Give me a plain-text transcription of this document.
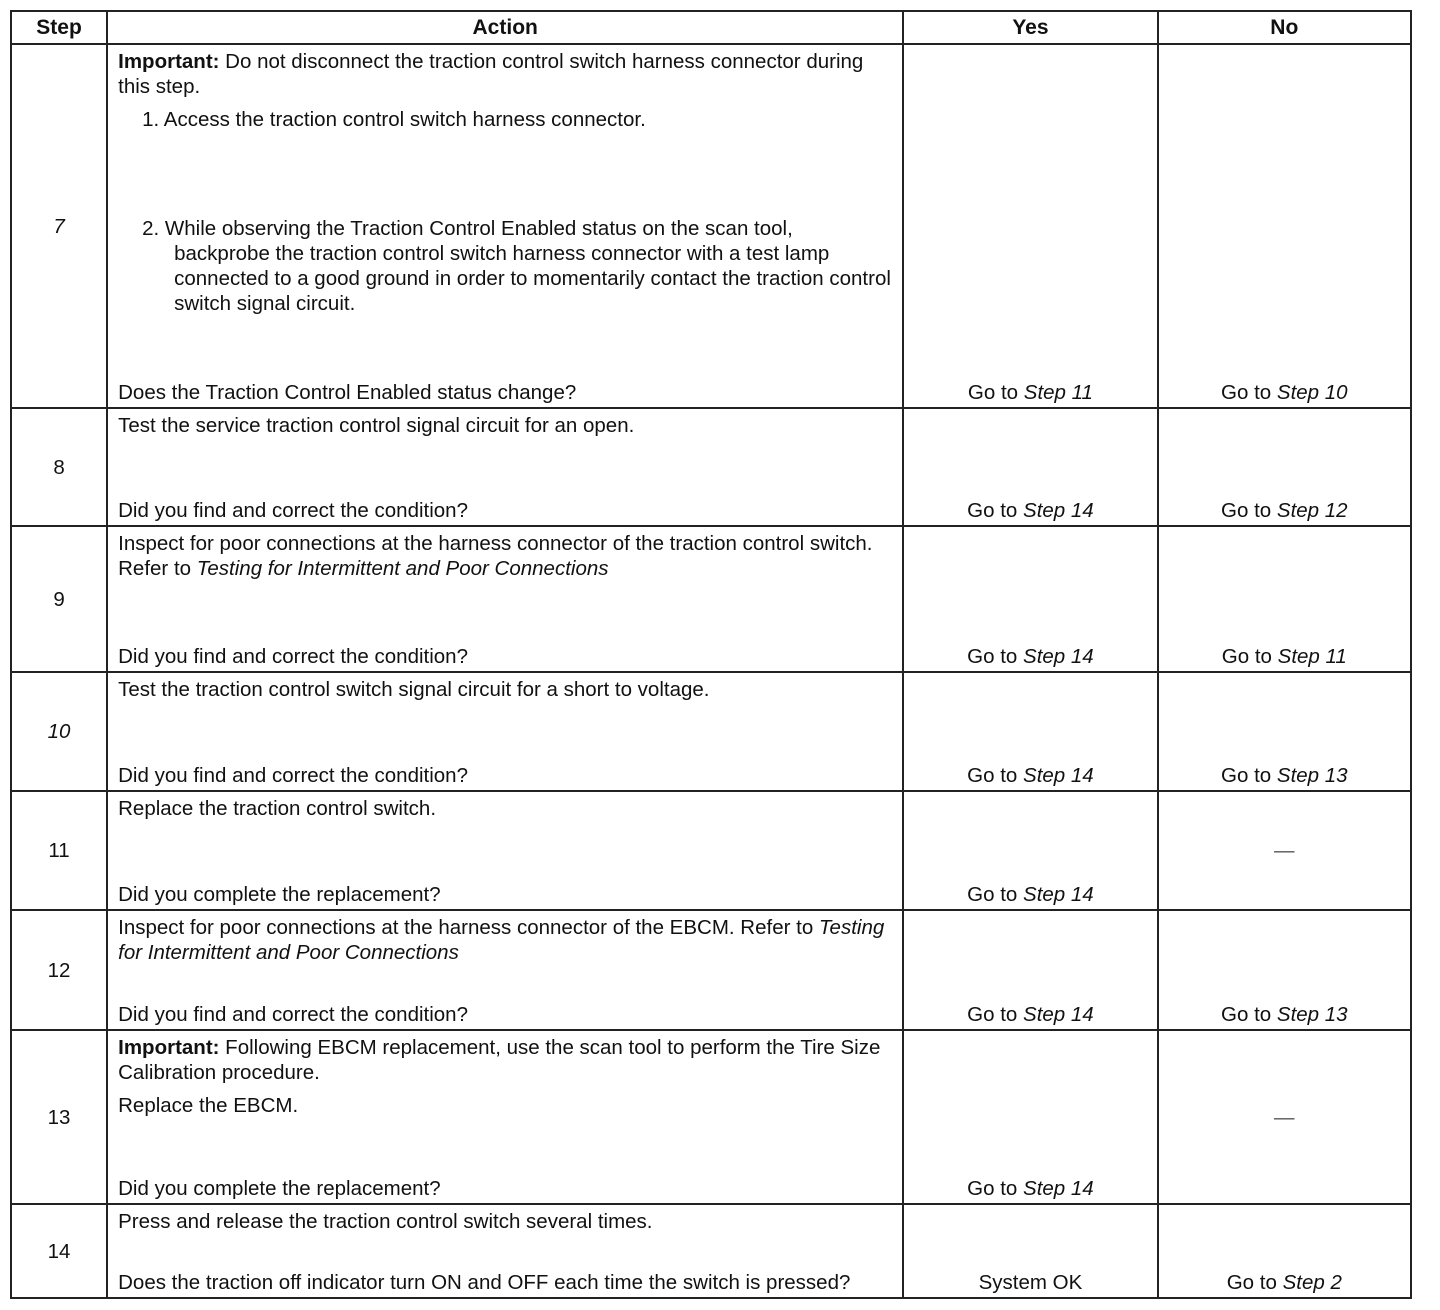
Step	Action	Yes	No
7	Important: Do not disconnect the traction control switch harness connector during this step.

1. Access the traction control switch harness connector.

2. While observing the Traction Control Enabled status on the scan tool, backprobe the traction control switch harness connector with a test lamp connected to a good ground in order to momentarily contact the traction control switch signal circuit.

Does the Traction Control Enabled status change?	Go to Step 11	Go to Step 10
8	Test the service traction control signal circuit for an open.

Did you find and correct the condition?	Go to Step 14	Go to Step 12
9	Inspect for poor connections at the harness connector of the traction control switch. Refer to Testing for Intermittent and Poor Connections

Did you find and correct the condition?	Go to Step 14	Go to Step 11
10	Test the traction control switch signal circuit for a short to voltage.

Did you find and correct the condition?	Go to Step 14	Go to Step 13
11	Replace the traction control switch.

Did you complete the replacement?	Go to Step 14	—
12	Inspect for poor connections at the harness connector of the EBCM. Refer to Testing for Intermittent and Poor Connections

Did you find and correct the condition?	Go to Step 14	Go to Step 13
13	Important: Following EBCM replacement, use the scan tool to perform the Tire Size Calibration procedure.

Replace the EBCM.

Did you complete the replacement?	Go to Step 14	—
14	Press and release the traction control switch several times.

Does the traction off indicator turn ON and OFF each time the switch is pressed?	System OK	Go to Step 2
